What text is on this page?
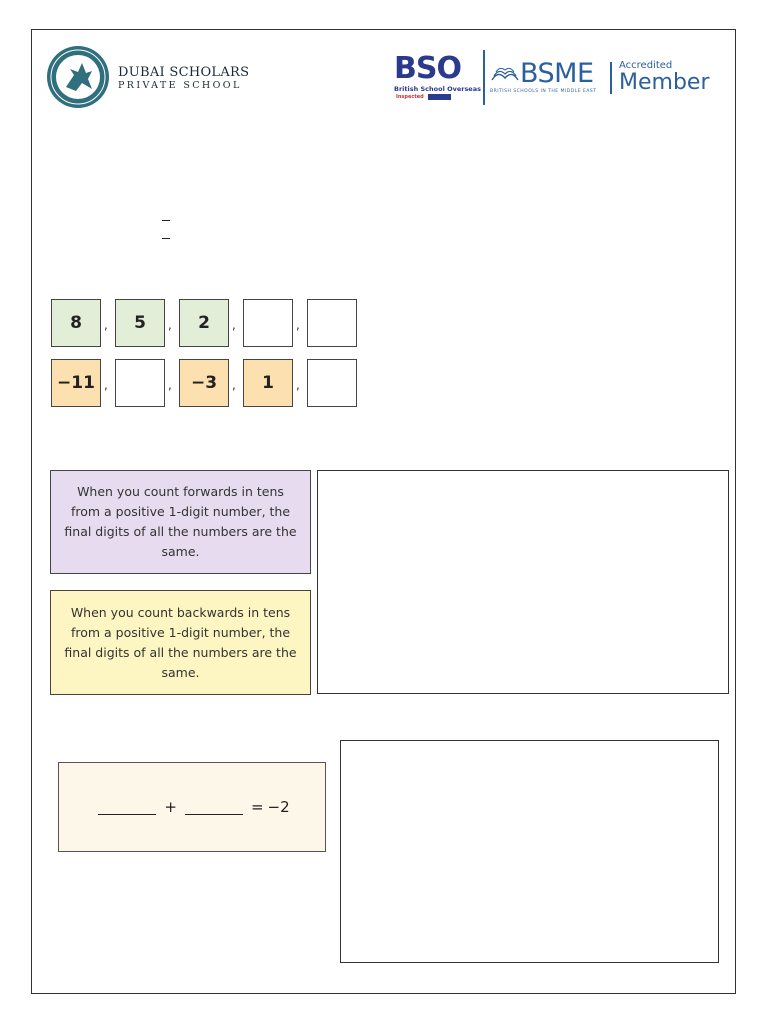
DUBAI SCHOLARS
PRIVATE SCHOOL	BSO
British School Overseas
Inspected

BSME
BRITISH SCHOOLS IN THE MIDDLE EAST
Accredited
Member
8	,	5	,	2	,	,
−11 ,	,	−3	,	1	,
When you count forwards in tens from a positive 1-digit number, the final digits of all the numbers are the same.
When you count backwards in tens from a positive 1-digit number, the final digits of all the numbers are the same.
+	= −2
